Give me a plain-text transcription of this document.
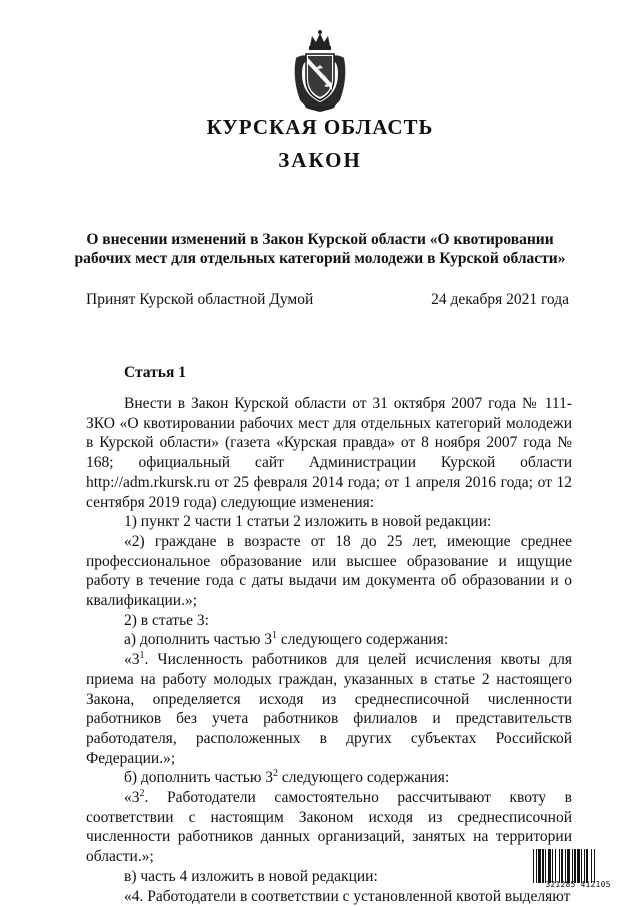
КУРСКАЯ ОБЛАСТЬ
ЗАКОН
О внесении изменений в Закон Курской области «О квотировании рабочих мест для отдельных категорий молодежи в Курской области»
Принят Курской областной Думой	24 декабря 2021 года
Статья 1

Внести в Закон Курской области от 31 октября 2007 года № 111-ЗКО «О квотировании рабочих мест для отдельных категорий молодежи в Курской области» (газета «Курская правда» от 8 ноября 2007 года № 168; официальный сайт Администрации Курской области http://adm.rkursk.ru от 25 февраля 2014 года; от 1 апреля 2016 года; от 12 сентября 2019 года) следующие изменения:

1) пункт 2 части 1 статьи 2 изложить в новой редакции:

«2) граждане в возрасте от 18 до 25 лет, имеющие среднее профессиональное образование или высшее образование и ищущие работу в течение года с даты выдачи им документа об образовании и о квалификации.»;

2) в статье 3:

а) дополнить частью $3^1$ следующего содержания:

«$3^1$. Численность работников для целей исчисления квоты для приема на работу молодых граждан, указанных в статье 2 настоящего Закона, определяется исходя из среднесписочной численности работников без учета работников филиалов и представительств работодателя, расположенных в других субъектах Российской Федерации.»;

б) дополнить частью $3^2$ следующего содержания:

«$3^2$. Работодатели самостоятельно рассчитывают квоту в соответствии с настоящим Законом исходя из среднесписочной численности работников данных организаций, занятых на территории области.»;

в) часть 4 изложить в новой редакции:

«4. Работодатели в соответствии с установленной квотой выделяют

321285 412105
